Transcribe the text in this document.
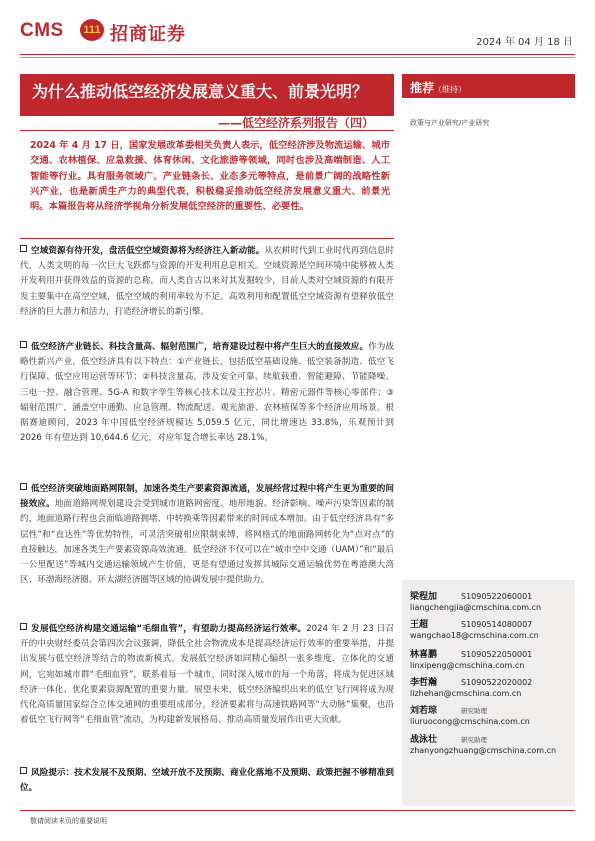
CMS	111 招商证券	2024 年 04 月 18 日
为什么推动低空经济发展意义重大、前景光明？
——低空经济系列报告（四）
推荐（维持）
政策与产业研究/产业研究

2024 年 4 月 17 日，国家发展改革委相关负责人表示，低空经济涉及物流运输、城市交通、农林植保、应急救援、体育休闲、文化旅游等领域，同时也涉及高端制造、人工智能等行业。具有服务领域广、产业链条长、业态多元等特点，是前景广阔的战略性新兴产业，也是新质生产力的典型代表，积极稳妥推动低空经济发展意义重大、前景光明。本篇报告将从经济学视角分析发展低空经济的重要性、必要性。

空域资源有待开发，盘活低空空域资源将为经济注入新动能。从农耕时代到工业时代再到信息时代，人类文明的每一次巨大飞跃都与资源的开发利用息息相关。空域资源是空间环境中能够被人类开发利用并获得效益的资源的总称，而人类自古以来对其发掘较少，目前人类对空域资源的有限开发主要集中在高空空域，低空空域的利用率较为不足。高效利用和配置低空空域资源有望释放低空经济的巨大潜力和活力，打造经济增长的新引擎。

低空经济产业链长、科技含量高、辐射范围广，培育建设过程中将产生巨大的直接效应。作为战略性新兴产业，低空经济具有以下特点：①产业链长，包括低空基础设施、低空装备制造、低空飞行保障、低空应用运营等环节；②科技含量高，涉及安全可靠、续航载重、智能避障、节能降噪、三电一控、融合管理、5G-A 和数字孪生等核心技术以及主控芯片、精密元器件等核心零部件；③辐射范围广，涵盖空中通勤、应急管理、物流配送、观光旅游、农林植保等多个经济应用场景。根据赛迪顾问，2023 年中国低空经济规模达 5,059.5 亿元，同比增速达 33.8%，乐观预计到 2026 年有望达到 10,644.6 亿元，对应年复合增长率达 28.1%。

低空经济突破地面路网限制，加速各类生产要素资源流通，发展经营过程中将产生更为重要的间接效应。地面道路网规划建设会受到城市道路网密度、地形地貌、经济影响、噪声污染等因素的制约，地面道路行程也会面临道路拥堵、中转换乘等因素带来的时间成本增加。由于低空经济具有“多层性”和“直达性”等优势特性，可灵活突破相应限制束缚，将网格式的地面路网转化为“点对点”的直接触达，加速各类生产要素资源高效流通。低空经济不仅可以在“城市空中交通（UAM）”和“最后一公里配送”等城内交通运输领域产生价值，更是有望通过发挥其城际交通运输优势在粤港澳大湾区、环渤海经济圈、环太湖经济圈等区域的协调发展中提供助力。

发展低空经济构建交通运输“毛细血管”，有望助力提高经济运行效率。2024 年 2 月 23 日召开的中央财经委员会第四次会议强调，降低全社会物流成本是提高经济运行效率的重要举措，并提出发展与低空经济等结合的物流新模式。发展低空经济如同精心编织一张多维度、立体化的交通网，它宛如城市群“毛细血管”，联系着每一个城市，同时深入城市的每一个角落，将成为促进区域经济一体化、优化要素资源配置的重要力量。展望未来，低空经济编织出来的低空飞行网将成为现代化高质量国家综合立体交通网的重要组成部分，经济要素将与高速铁路网等“大动脉”集聚，也沿着低空飞行网等“毛细血管”流动，为构建新发展格局、推动高质量发展作出更大贡献。

风险提示：技术发展不及预期、空域开放不及预期、商业化落地不及预期、政策把握不够精准到位。

梁程加	S1090522060001
liangchengjia@cmschina.com.cn
王超	S1090514080007
wangchao18@cmschina.com.cn
林喜鹏	S1090522050001
linxipeng@cmschina.com.cn
李哲瀚	S1090522020002
lizhehan@cmschina.com.cn
刘若琮	研究助理
liuruocong@cmschina.com.cn
战泳壮	研究助理
zhanyongzhuang@cmschina.com.cn
敬请阅读末页的重要说明
